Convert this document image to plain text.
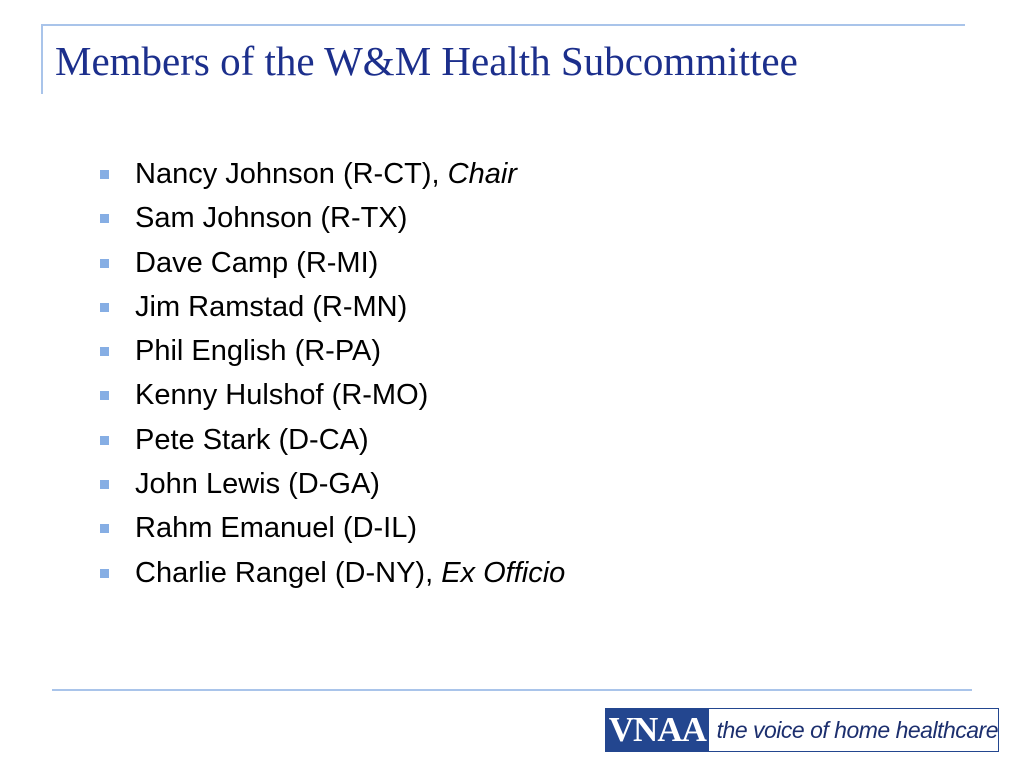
Members of the W&M Health Subcommittee
Nancy Johnson (R-CT), Chair
Sam Johnson (R-TX)
Dave Camp (R-MI)
Jim Ramstad (R-MN)
Phil English (R-PA)
Kenny Hulshof (R-MO)
Pete Stark (D-CA)
John Lewis (D-GA)
Rahm Emanuel (D-IL)
Charlie Rangel (D-NY), Ex Officio
VNAA the voice of home healthcare
